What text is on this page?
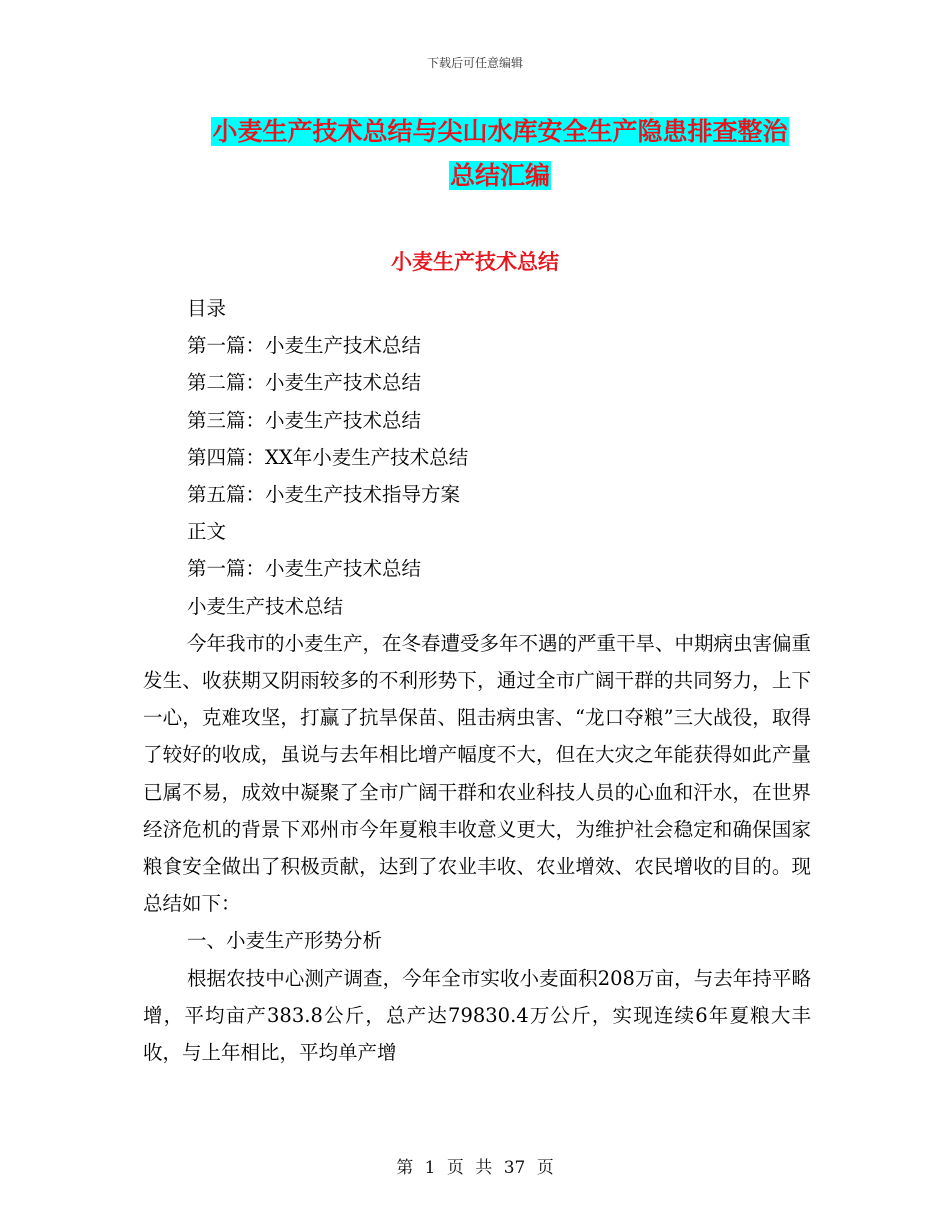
下载后可任意编辑
小麦生产技术总结与尖山水库安全生产隐患排查整治
总结汇编
小麦生产技术总结

目录

第一篇：小麦生产技术总结

第二篇：小麦生产技术总结

第三篇：小麦生产技术总结

第四篇：XX年小麦生产技术总结

第五篇：小麦生产技术指导方案

正文

第一篇：小麦生产技术总结

小麦生产技术总结

今年我市的小麦生产，在冬春遭受多年不遇的严重干旱、中期病虫害偏重发生、收获期又阴雨较多的不利形势下，通过全市广阔干群的共同努力，上下一心，克难攻坚，打赢了抗旱保苗、阻击病虫害、“龙口夺粮”三大战役，取得了较好的收成，虽说与去年相比增产幅度不大，但在大灾之年能获得如此产量已属不易，成效中凝聚了全市广阔干群和农业科技人员的心血和汗水，在世界经济危机的背景下邓州市今年夏粮丰收意义更大，为维护社会稳定和确保国家粮食安全做出了积极贡献，达到了农业丰收、农业增效、农民增收的目的。现总结如下：

一、小麦生产形势分析

根据农技中心测产调查，今年全市实收小麦面积208万亩，与去年持平略增，平均亩产383.8公斤，总产达79830.4万公斤，实现连续6年夏粮大丰收，与上年相比，平均单产增

第 1 页 共 37 页
